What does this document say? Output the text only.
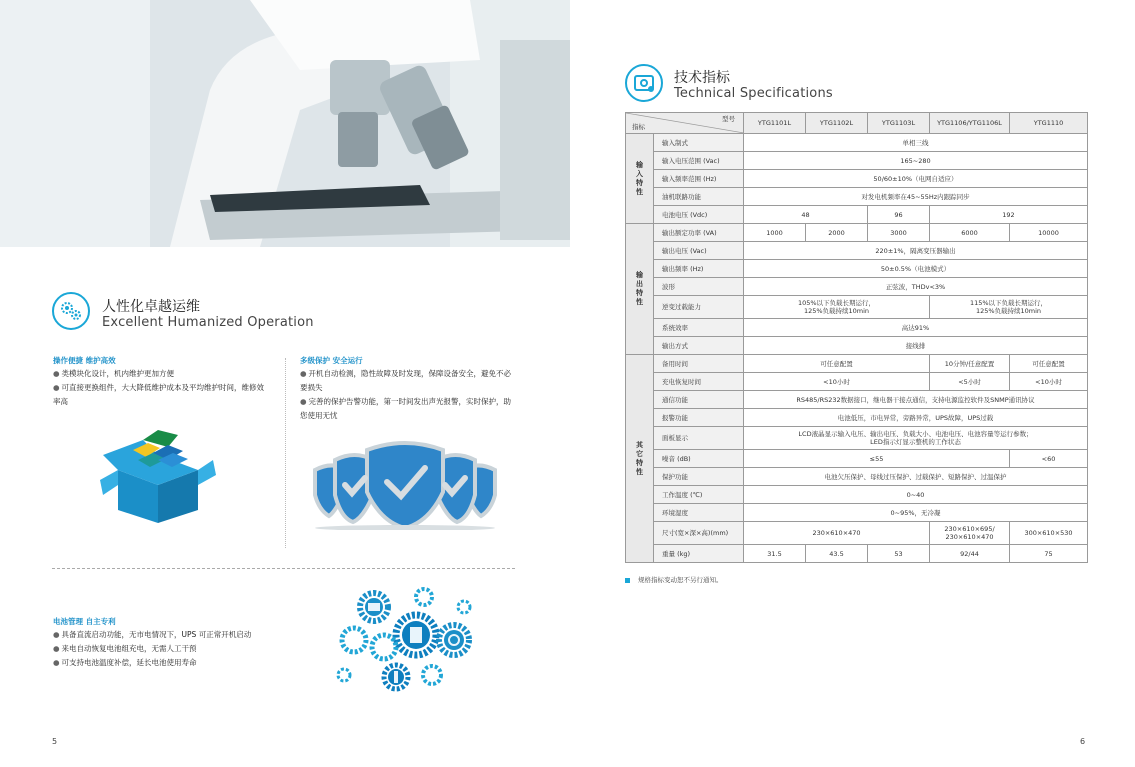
人性化卓越运维
Excellent Humanized Operation
操作便捷 维护高效
● 类模块化设计，机内维护更加方便
● 可直接更换组件，大大降低维护成本及平均维护时间，维修效
率高
多级保护 安全运行
● 开机自动检测，隐性故障及时发现，保障设备安全，避免不必
要损失
● 完善的保护告警功能，第一时间发出声光报警，实时保护，助
您使用无忧
电池管理 自主专利
● 具备直流启动功能，无市电情况下，UPS 可正常开机启动
● 来电自动恢复电池组充电，无需人工干预
● 可支持电池温度补偿，延长电池使用寿命
5
技术指标
Technical Specifications
型号
指标		YTG1101L	YTG1102L	YTG1103L	YTG1106/YTG1106L	YTG1110
输
入
特
性	输入制式	单相三线				
	输入电压范围 (Vac)	165~280				
	输入频率范围 (Hz)	50/60±10%（电网自适应）				
	油机联路功能	对发电机频率在45~55Hz内跟踪同步				
	电池电压 (Vdc)	48		96	192	
输
出
特
性	输出额定功率 (VA)	1000	2000	3000	6000	10000
	输出电压 (Vac)	220±1%，隔离变压器输出				
	输出频率 (Hz)	50±0.5%（电池模式）				
	波形	正弦波，THDv<3%				
	逆变过载能力	105%以下负载长期运行，
125%负载持续10min			115%以下负载长期运行，
125%负载持续10min	
	系统效率	高达91%				
	输出方式	接线排				
其
它
特
性	备用时间	可任意配置			10分钟/任意配置	可任意配置
	充电恢复时间	<10小时			<5小时	<10小时
	通信功能	RS485/RS232数据接口，继电器干接点通信，支持电源监控软件及SNMP通讯协议				
	报警功能	电池低压，市电异常，旁路异常，UPS故障，UPS过载				
	面板显示	LCD液晶显示输入电压、输出电压、负载大小、电池电压、电池容量等运行参数；
LED指示灯显示整机的工作状态				
	噪音 (dB)	≤55				<60
	保护功能	电池欠压保护、母线过压保护、过载保护、短路保护、过温保护				
	工作温度 (℃)	0~40				
	环境湿度	0~95%，无冷凝				
	尺寸(宽×深×高)(mm)	230×610×470			230×610×695/
230×610×470	300×610×530
	重量 (kg)	31.5	43.5	53	92/44	75
规格指标变动恕不另行通知。
6
